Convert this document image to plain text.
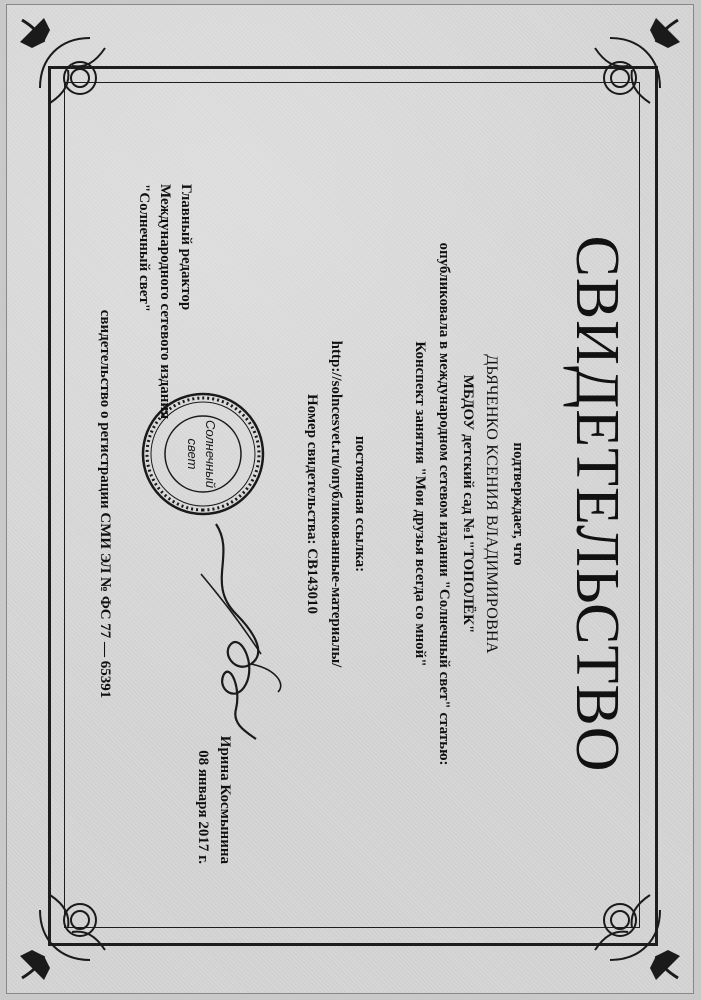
СВИДЕТЕЛЬСТВО
подтверждает, что
ДЬЯЧЕНКО КСЕНИЯ ВЛАДИМИРОВНА
МБДОУ детский сад №1"ТОПОЛЁК"
опубликовала в международном сетевом издании "Солнечный свет" статью:
Конспект занятия "Мои друзья всегда со мной"
постоянная ссылка:
http://solncesvet.ru/опубликованные-материалы/
Номер свидетельства: СВ143010
Солнечный
свет
Главный редактор
Международного сетевого издания
"Солнечный свет"
Ирина Космынина
08 января 2017 г.
свидетельство о регистрации СМИ ЭЛ № ФС 77 — 65391
